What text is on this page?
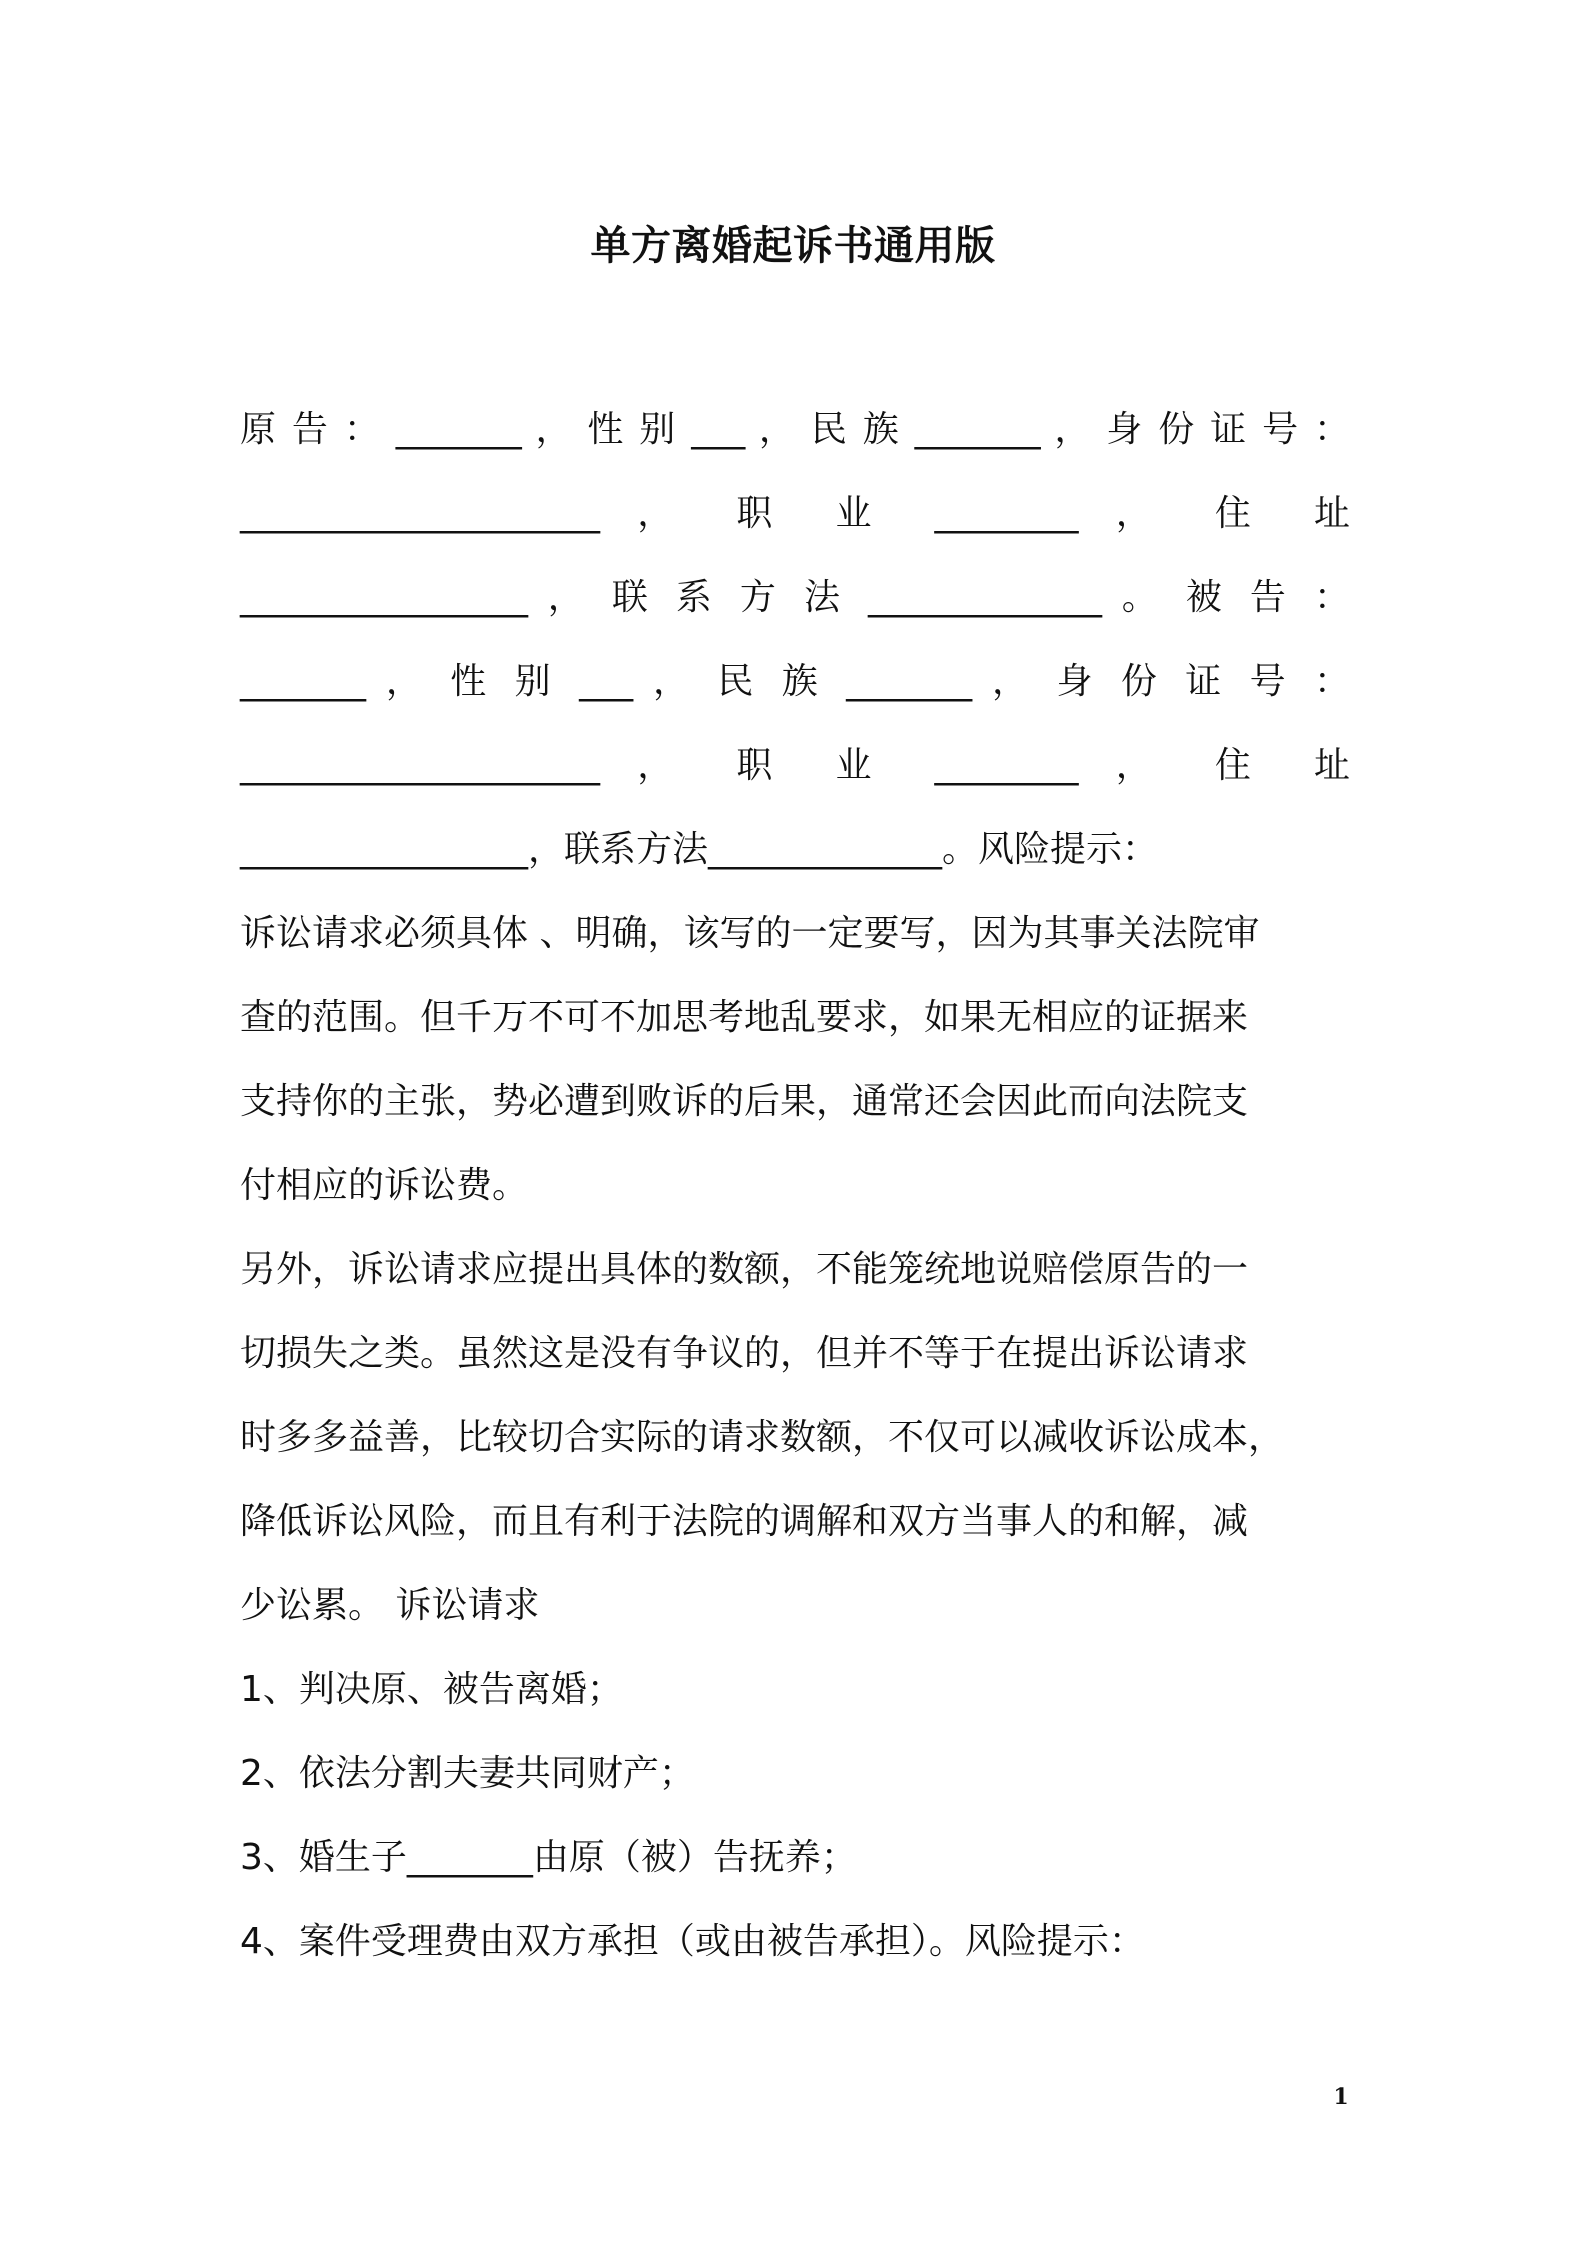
单方离婚起诉书通用版
原 告 ： _______ ， 性 别 ___ ， 民 族 _______ ， 身 份 证 号 ：
____________________ ， 职 业 ________ ， 住 址
________________ ， 联 系 方 法 _____________ 。 被 告 ：
_______ ， 性 别 ___ ， 民 族 _______ ， 身 份 证 号 ：
____________________ ， 职 业 ________ ， 住 址
________________，联系方法_____________。风险提示：
诉讼请求必须具体 、明确，该写的一定要写，因为其事关法院审
查的范围。但千万不可不加思考地乱要求，如果无相应的证据来
支持你的主张，势必遭到败诉的后果，通常还会因此而向法院支
付相应的诉讼费。
另外，诉讼请求应提出具体的数额，不能笼统地说赔偿原告的一
切损失之类。虽然这是没有争议的，但并不等于在提出诉讼请求
时多多益善，比较切合实际的请求数额，不仅可以减收诉讼成本，
降低诉讼风险，而且有利于法院的调解和双方当事人的和解，减
少讼累。 诉讼请求
1、判决原、被告离婚；
2、依法分割夫妻共同财产；
3、婚生子_______由原（被）告抚养；
4、案件受理费由双方承担（或由被告承担）。风险提示：
1
